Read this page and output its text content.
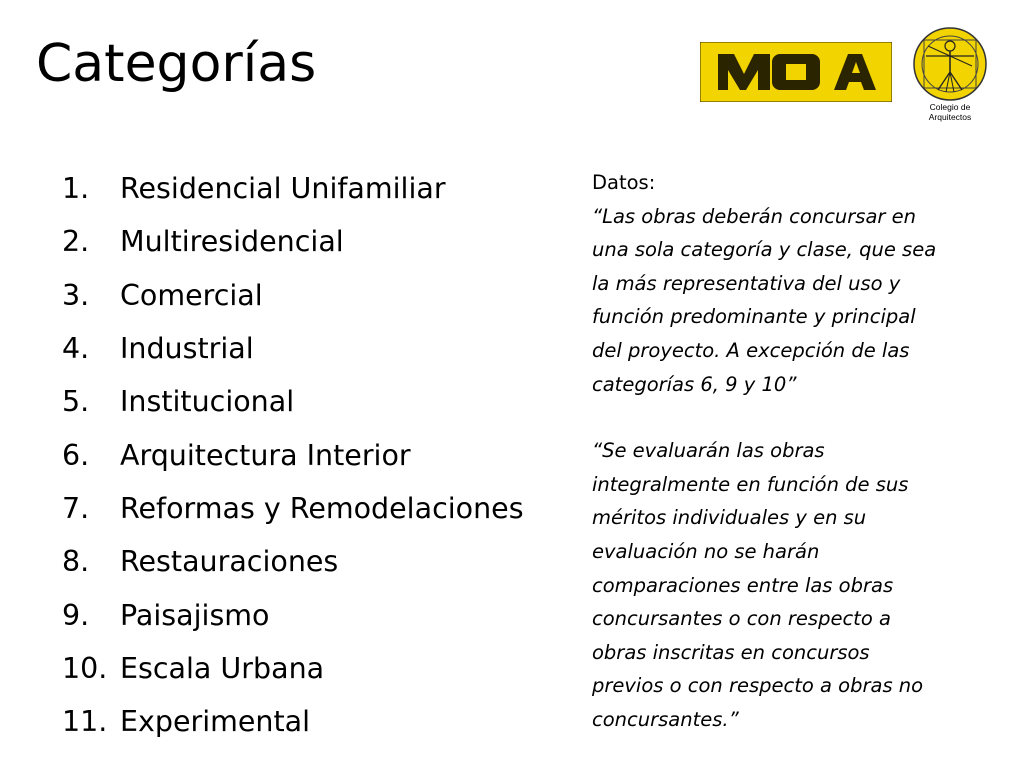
Categorías
Colegio de
Arquitectos
1.	Residencial Unifamiliar
2.	Multiresidencial
3.	Comercial
4.	Industrial
5.	Institucional
6.	Arquitectura Interior
7.	Reformas y Remodelaciones
8.	Restauraciones
9.	Paisajismo
10. Escala Urbana
11. Experimental

Datos:

“Las obras deberán concursar en

una sola categoría y clase, que sea

la más representativa del uso y

función predominante y principal

del proyecto. A excepción de las

categorías 6, 9 y 10”

“Se evaluarán las obras

integralmente en función de sus

méritos individuales y en su

evaluación no se harán

comparaciones entre las obras

concursantes o con respecto a

obras inscritas en concursos

previos o con respecto a obras no

concursantes.”
